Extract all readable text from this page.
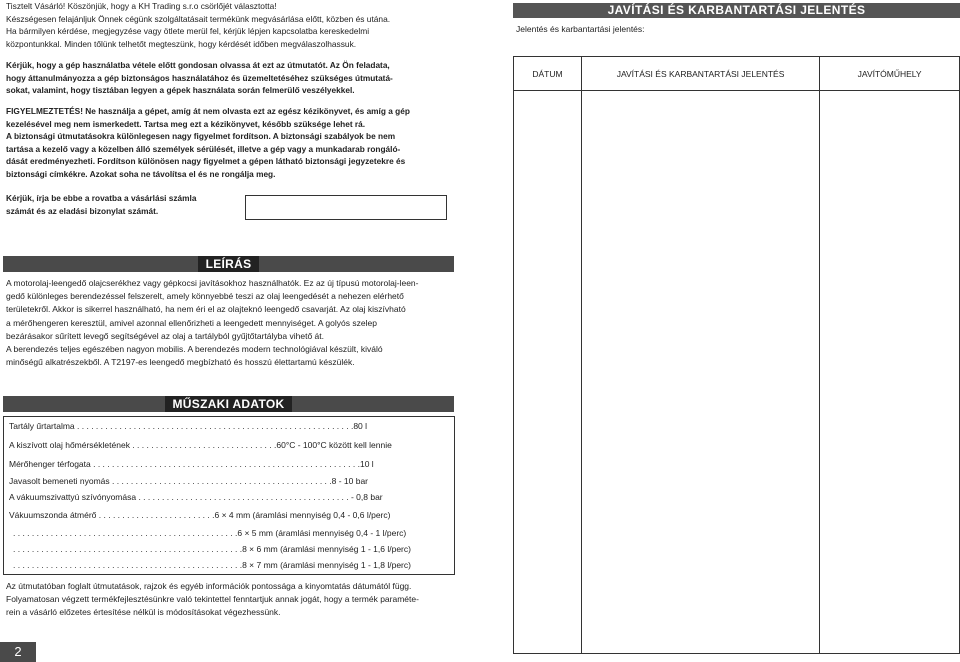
Tisztelt Vásárló! Köszönjük, hogy a KH Trading s.r.o csörlőjét választotta!
Készségesen felajánljuk Önnek cégünk szolgáltatásait termékünk megvásárlása előtt, közben és utána.
Ha bármilyen kérdése, megjegyzése vagy ötlete merül fel, kérjük lépjen kapcsolatba kereskedelmi
központunkkal. Minden tőlünk telhetőt megteszünk, hogy kérdését időben megválaszolhassuk.
Kérjük, hogy a gép használatba vétele előtt gondosan olvassa át ezt az útmutatót. Az Ön feladata,
hogy áttanulmányozza a gép biztonságos használatához és üzemeltetéséhez szükséges útmutatá-
sokat, valamint, hogy tisztában legyen a gépek használata során felmerülő veszélyekkel.
FIGYELMEZTETÉS! Ne használja a gépet, amíg át nem olvasta ezt az egész kézikönyvet, és amíg a gép
kezelésével meg nem ismerkedett. Tartsa meg ezt a kézikönyvet, később szüksége lehet rá.
A biztonsági útmutatásokra különlegesen nagy figyelmet fordítson. A biztonsági szabályok be nem
tartása a kezelő vagy a közelben álló személyek sérülését, illetve a gép vagy a munkadarab rongáló-
dását eredményezheti. Fordítson különösen nagy figyelmet a gépen látható biztonsági jegyzetekre és
biztonsági címkékre. Azokat soha ne távolítsa el és ne rongálja meg.
Kérjük, írja be ebbe a rovatba a vásárlási számla
számát és az eladási bizonylat számát.
LEÍRÁS
A motorolaj-leengedő olajcserékhez vagy gépkocsi javításokhoz használhatók. Ez az új típusú motorolaj-leen-
gedő különleges berendezéssel felszerelt, amely könnyebbé teszi az olaj leengedését a nehezen elérhető
területekről. Akkor is sikerrel használható, ha nem éri el az olajteknó leengedő csavarját. Az olaj kiszívható
a mérőhengeren keresztül, amivel azonnal ellenőrizheti a leengedett mennyiséget. A golyós szelep
bezárásakor sűrített levegő segítségével az olaj a tartályból gyűjtőtartályba vihető át.
A berendezés teljes egészében nagyon mobilis. A berendezés modern technológiával készült, kiváló
minőségű alkatrészekből. A T2197-es leengedő megbízható és hosszú élettartamú készülék.
MŰSZAKI ADATOK
Tartály űrtartalma . . . . . . . . . . . . . . . . . . . . . . . . . . . . . . . . . . . . . . . . . . . . . . . . . . . . . . . . . . .80 l
A kiszívott olaj hőmérsékletének . . . . . . . . . . . . . . . . . . . . . . . . . . . . . . .60°C - 100°C között kell lennie
Mérőhenger térfogata . . . . . . . . . . . . . . . . . . . . . . . . . . . . . . . . . . . . . . . . . . . . . . . . . . . . . . . . .10 l
Javasolt bemeneti nyomás . . . . . . . . . . . . . . . . . . . . . . . . . . . . . . . . . . . . . . . . . . . . . . .8 - 10 bar
A vákuumszivattyú szívónyomása . . . . . . . . . . . . . . . . . . . . . . . . . . . . . . . . . . . . . . . . . . . . . - 0,8 bar
Vákuumszonda átmérő . . . . . . . . . . . . . . . . . . . . . . . . .6 × 4 mm (áramlási mennyiség 0,4 - 0,6 l/perc)
. . . . . . . . . . . . . . . . . . . . . . . . . . . . . . . . . . . . . . . . . . . . . . . .6 × 5 mm (áramlási mennyiség 0,4 - 1 l/perc)
. . . . . . . . . . . . . . . . . . . . . . . . . . . . . . . . . . . . . . . . . . . . . . . . .8 × 6 mm (áramlási mennyiség 1 - 1,6 l/perc)
. . . . . . . . . . . . . . . . . . . . . . . . . . . . . . . . . . . . . . . . . . . . . . . . .8 × 7 mm (áramlási mennyiség 1 - 1,8 l/perc)
Az útmutatóban foglalt útmutatások, rajzok és egyéb információk pontossága a kinyomtatás dátumától függ.
Folyamatosan végzett termékfejlesztésünkre való tekintettel fenntartjuk annak jogát, hogy a termék paraméte-
rein a vásárló előzetes értesítése nélkül is módosításokat végezhessünk.
2
JAVÍTÁSI ÉS KARBANTARTÁSI JELENTÉS
Jelentés és karbantartási jelentés:
DÁTUM	JAVÍTÁSI ÉS KARBANTARTÁSI JELENTÉS	JAVÍTÓMŰHELY
